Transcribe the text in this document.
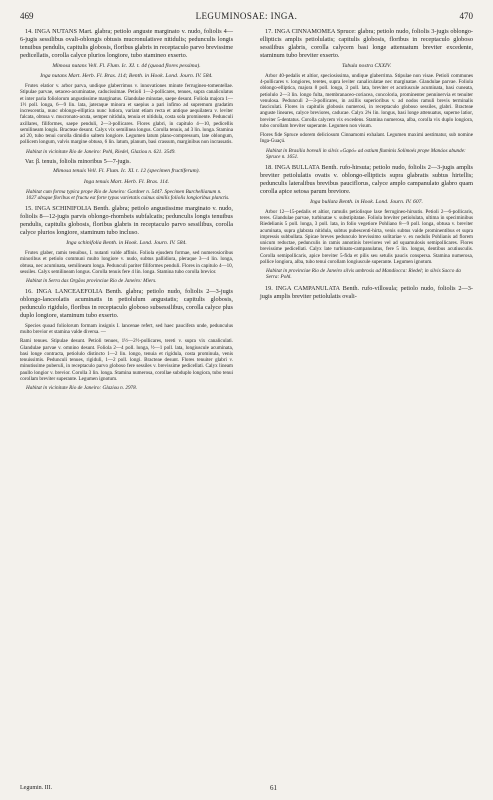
469	LEGUMINOSAE: INGA.	470

14. INGA NUTANS Mart. glabra; petiolo anguste marginato v. nudo, foliolis 4—6-jugis sessilibus ovali-oblongis obtusis mucronulatisve nitidulis; pedunculis longis tenuibus pendulis, capitulis globosis, floribus glabris in receptaculo parvo brevissime pedicellatis, corolla calyce plurios longiore, tubo stamineo exserto.

Mimosa nutans Vell. Fl. Flum. Ic. XI. t. 44 (quoad flores pessima).

Inga nutans Mart. Herb. Fl. Bras. 114; Benth. in Hook. Lond. Journ. IV. 584.

Frutex elatior v. arbor parva, undique glaberrimus v. innovationes minute ferrugineo-tomentellae. Stipulae parvae, setaceo-acuminatae, caducissimae. Petioli 1—2-pollicares, tenues, supra canaliculatus et inter paria foliolorum angustissime marginatus. Glandulae minutae, saepe desunt. Foliola majora 1—1½ poll. longa, 6—9 lin. lata, jateraque minora et saepius a pari infimo ad supremum gradatim increscentia, nunc oblongo-elliptica nunc lutiora, variant etiam recta et antique aequilatera v. leviter falcata, obtusa v. mucronato-acuta, semper nitidula, tenuia et nitidula, costa sola prominente. Pedunculi axillares, filiformes, saepe penduli, 2—3-pollicares. Flores glabri, in capitulo 4—10, pedicellis semilineam longis. Bracteae desunt. Calyx vix semilinea longus. Corolla tenuis, ad 3 lin. longa. Stamina ad 20, tubo tenui corolla dimidio saltem longiore. Legumen latum plano-compressum, late oblongum, pollicem longum, valvis margine obtuso, 6 lin. latum, planum, basi crassum, marginibus non incrassatis.

Habitat in vicinitate Rio de Janeiro: Pohl, Riedel, Glaziou n. 621. 3549.

Var. β. tenuis, foliolis minoribus 5—7-jugis.

Mimosa tenuis Vell. Fl. Flum. Ic. XI. t. 12 (specimen fructiferum).

Inga tenuis Mart. Herb. Fl. Bras. 114.

Habitat cum forma typica prope Rio de Janeiro: Gardner n. 5447. Specimen Burchellianum n. 1027 absque floribus et fructu est forte typus varietatis cuinus similis foliolis longioribus planctis.

15. INGA SCHINIFOLIA Benth. glabra; petiolo angustissime marginato v. nudo, foliolis 8—12-jugis parvis oblongo-rhombeis subfalcatis; pedunculis longis tenuibus pendulis, capitulis globosis, floribus glabris in receptaculo parvo sessilibus, corolla calyce plurios longiore, staminum tubo incluso.

Inga schinifolia Benth. in Hook. Lond. Journ. IV. 584.

Frutex glaber, ramis tenuibus, I. nutanti valde affinis. Foliola ejusdem formae, sed numerosioribus minoribus et petiolo communi multo longiore v. nudo, subtus pallidiora, pleraque 3—4 lin. longa, obtusa, nec acuminata, semilineam longa. Pedunculi pariter filiformes penduli. Flores in capitulo 4—10, sessiles. Calyx semilineam longus. Corolla tenuis fere 4 lin. longa. Stamina tubo corolla brevior.

Habitat in Serra das Orgãos provinciae Rio de Janeiro: Miers.

16. INGA LANCEAEFOLIA Benth. glabra; petiolo nudo, foliolis 2—3-jugis oblongo-lanceolatis acuminatis in petiolulum angustatis; capitulis globosis, pedunculo rigidulo, floribus in receptaculo globoso subsessilibus, corolla calyce plus duplo longiore, staminum tubo exserto.

Species quoad foliolorum formam insignis I. lancenae refert, sed haec paucifera unde, pedunculus multo brevior et stamina valde diversa. —

Rami tenues. Stipulae desunt. Petioli tenues, 1½—2½-pollicares, tereti v. supra vix canaliculati. Glandulae parvae v. omnino desunt. Foliola 2—4 poll. longa, ½—1 poll. lata, longiuscule acuminata, basi longe contracta, petiolulo distincto 1—2 lin. longo, tenuia et rigidula, costa prominula, venis tenuissimis. Pedunculi tenues, rigiduli, 1—2 poll. longi. Bracteae desunt. Flores tenuiter glabri v. minutissime puberuli, in receptaculo parvo globoso fere sessiles v. brevissime pedicellati. Calyx lineam paullo longior v. brevior. Corolla 3 lin. longa. Stamina numerosa, corollae subduplo longiora, tubo tenui corollam breviter superante. Legumen ignotum.

Habitat in vicinitate Rio de Janeiro: Glaziou n. 2978.

17. INGA CINNAMOMEA Spruce: glabra; petiolo nudo, foliolis 3-jugis oblongo-ellipticis amplis petiolulatis; capitulis globosis, floribus in receptaculo globoso sessilibus glabris, corolla calycem basi longe attenuatum breviter excedente, staminum tubo breviter exserto.

Tabula nostra CXXIV.

Arbor 40-pedalis et altior, speciosissima, undique glaberrima. Stipulae non visae. Petioli communes 4-pollicares v. longiores, teretes, supra leviter canaliculatae nec marginatae. Glandulae parvae. Foliola oblongo-elliptica, majora 8 poll. longa, 3 poll. lata, breviter et acutiuscule acuminata, basi cuneata, petiolulo 2—3 lin. longo fulta, membranaceo-coriacea, concoloria, prominenter penninervia et tenuiter venulosa. Pedunculi 2—3-pollicares, in axillis superioribus v. ad nodos ramuli brevis terminalis fasciculati. Flores in capitulis globosis numerosi, in receptaculo globoso sessiles, glabri. Bracteae anguste lineares, calyce breviores, caducae. Calyx 2¾ lin. longus, basi longe attenuatus, superne latior, breviter 5-dentatus. Corolla calycem vix excedens. Stamina numerosa, alba, corolla vix duplo longiora, tubo corollam breviter superante. Legumen non visum.

Flores fide Spruce odorem deliciosum Cinnamomi exhalant. Legumen maximi aestimatur, sub nomine Inga-Guaçú.

Habitat in Brasilia boreali in silvis »Gapó« ad ostium fluminis Solimoés prope Manáos abunde: Spruce n. 1651.

18. INGA BULLATA Benth. rufo-hirsuta; petiolo nudo, foliolis 2—3-jugis amplis breviter petiolulatis ovatis v. oblongo-ellipticis supra glabratis subtus hirtellis; pedunculis lateralibus brevibus pauciflorus, calyce amplo campanulato glabro quam corolla apice setosa parum breviore.

Inga bullata Benth. in Hook. Lond. Journ. IV. 607.

Arbor 12—15-pedalis et altior, ramulis petiolisque laxe ferrugineo-hirsutis. Petioli 2—6-pollicaris, teres. Glandulae parvae, turbinatae v. substipitatae. Foliola breviter petiolulata, ultima in speciminibus Riedelianis 5 poll. longa, 3 poll. lata, in folio vegetiore Pohliano 8—9 poll. longa, obtusa v. breviter acuminata, supra glabrata nitidula, subtus pubescenti-hirta, venis subtus valde prominentibus et supra impressis subbullata. Spicae breves pedunculo brevissimo solitariae v. ex nodulis Pohlianis ad florem unicum reductae, pedunculis in ramis annotinis breviores vel ad squamulosis semipollicares. Flores brevissime pedicellati. Calyx late turbinato-campanulatus, fere 5 lin. longus, dentibus acutiusculis. Corolla semipollicaris, apice breviter 5-fida et pilis seu setulis paucis conspersa. Stamina numerosa, pollice longiora, alba, tubo tenui corollam longiuscule superante. Legumen ignotum.

Habitat in provinciae Rio de Janeiro silvis umbrosis ad Mandiocca: Riedel; in silvis Sacco da Serra: Pohl.

19. INGA CAMPANULATA Benth. rufo-villosula; petiolo nudo, foliolis 2—3-jugis amplis breviter petiolulatis ovali-

Legumin. III.	61
